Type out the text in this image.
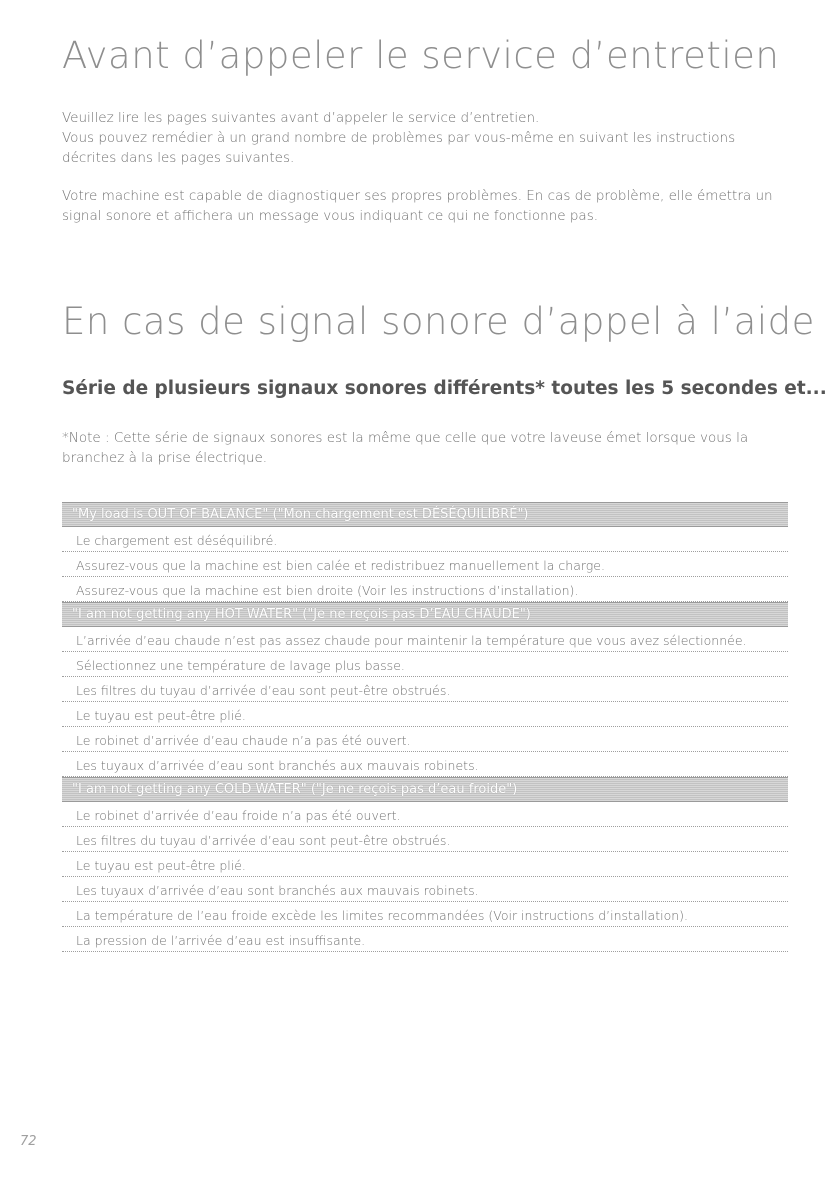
Avant d’appeler le service d’entretien

Veuillez lire les pages suivantes avant d’appeler le service d’entretien.

Vous pouvez remédier à un grand nombre de problèmes par vous-même en suivant les instructions décrites dans les pages suivantes.

Votre machine est capable de diagnostiquer ses propres problèmes. En cas de problème, elle émettra un signal sonore et affichera un message vous indiquant ce qui ne fonctionne pas.

En cas de signal sonore d’appel à l’aide
Série de plusieurs signaux sonores différents* toutes les 5 secondes et...
*Note : Cette série de signaux sonores est la même que celle que votre laveuse émet lorsque vous la branchez à la prise électrique.
"My load is OUT OF BALANCE" ("Mon chargement est DÉSÉQUILIBRÉ")
Le chargement est déséquilibré.
Assurez-vous que la machine est bien calée et redistribuez manuellement la charge.
Assurez-vous que la machine est bien droite (Voir les instructions d’installation).
"I am not getting any HOT WATER" ("Je ne reçois pas D’EAU CHAUDE")
L’arrivée d’eau chaude n’est pas assez chaude pour maintenir la température que vous avez sélectionnée.
Sélectionnez une température de lavage plus basse.
Les filtres du tuyau d’arrivée d’eau sont peut-être obstrués.
Le tuyau est peut-être plié.
Le robinet d’arrivée d’eau chaude n’a pas été ouvert.
Les tuyaux d’arrivée d’eau sont branchés aux mauvais robinets.
"I am not getting any COLD WATER" ("Je ne reçois pas d’eau froide")
Le robinet d’arrivée d’eau froide n’a pas été ouvert.
Les filtres du tuyau d’arrivée d’eau sont peut-être obstrués.
Le tuyau est peut-être plié.
Les tuyaux d’arrivée d’eau sont branchés aux mauvais robinets.
La température de l’eau froide excède les limites recommandées (Voir instructions d’installation).
La pression de l’arrivée d’eau est insuffisante.
72
